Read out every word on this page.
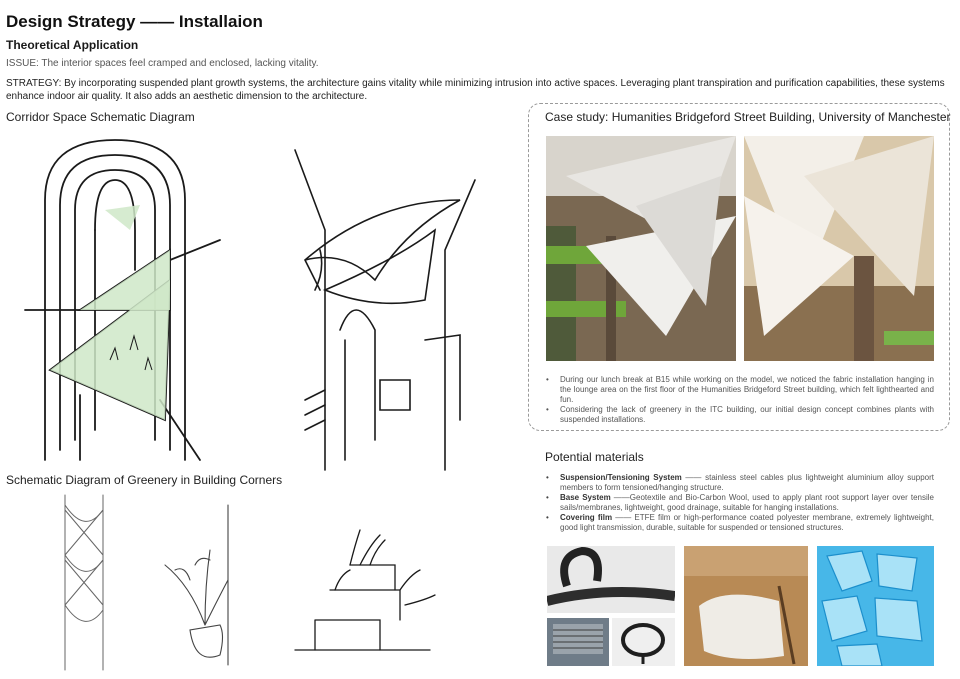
Design Strategy —— Installaion
Theoretical Application
ISSUE: The interior spaces feel cramped and enclosed, lacking vitality.
STRATEGY: By incorporating suspended plant growth systems, the architecture gains vitality while minimizing intrusion into active spaces. Leveraging plant transpiration and purification capabilities, these systems enhance indoor air quality. It also adds an aesthetic dimension to the architecture.
Corridor Space Schematic Diagram
Schematic Diagram of Greenery in Building Corners
Case study: Humanities Bridgeford Street Building, University of Manchester
• During our lunch break at B15 while working on the model, we noticed the fabric installation hanging in the lounge area on the first floor of the Humanities Bridgeford Street building, which felt lighthearted and fun.
• Considering the lack of greenery in the ITC building, our initial design concept combines plants with suspended installations.
Potential materials
• Suspension/Tensioning System —— stainless steel cables plus lightweight aluminium alloy support members to form tensioned/hanging structure.
• Base System ——Geotextile and Bio-Carbon Wool, used to apply plant root support layer over tensile sails/membranes, lightweight, good drainage, suitable for hanging installations.
• Covering film —— ETFE film or high-performance coated polyester membrane, extremely lightweight, good light transmission, durable, suitable for suspended or tensioned structures.
